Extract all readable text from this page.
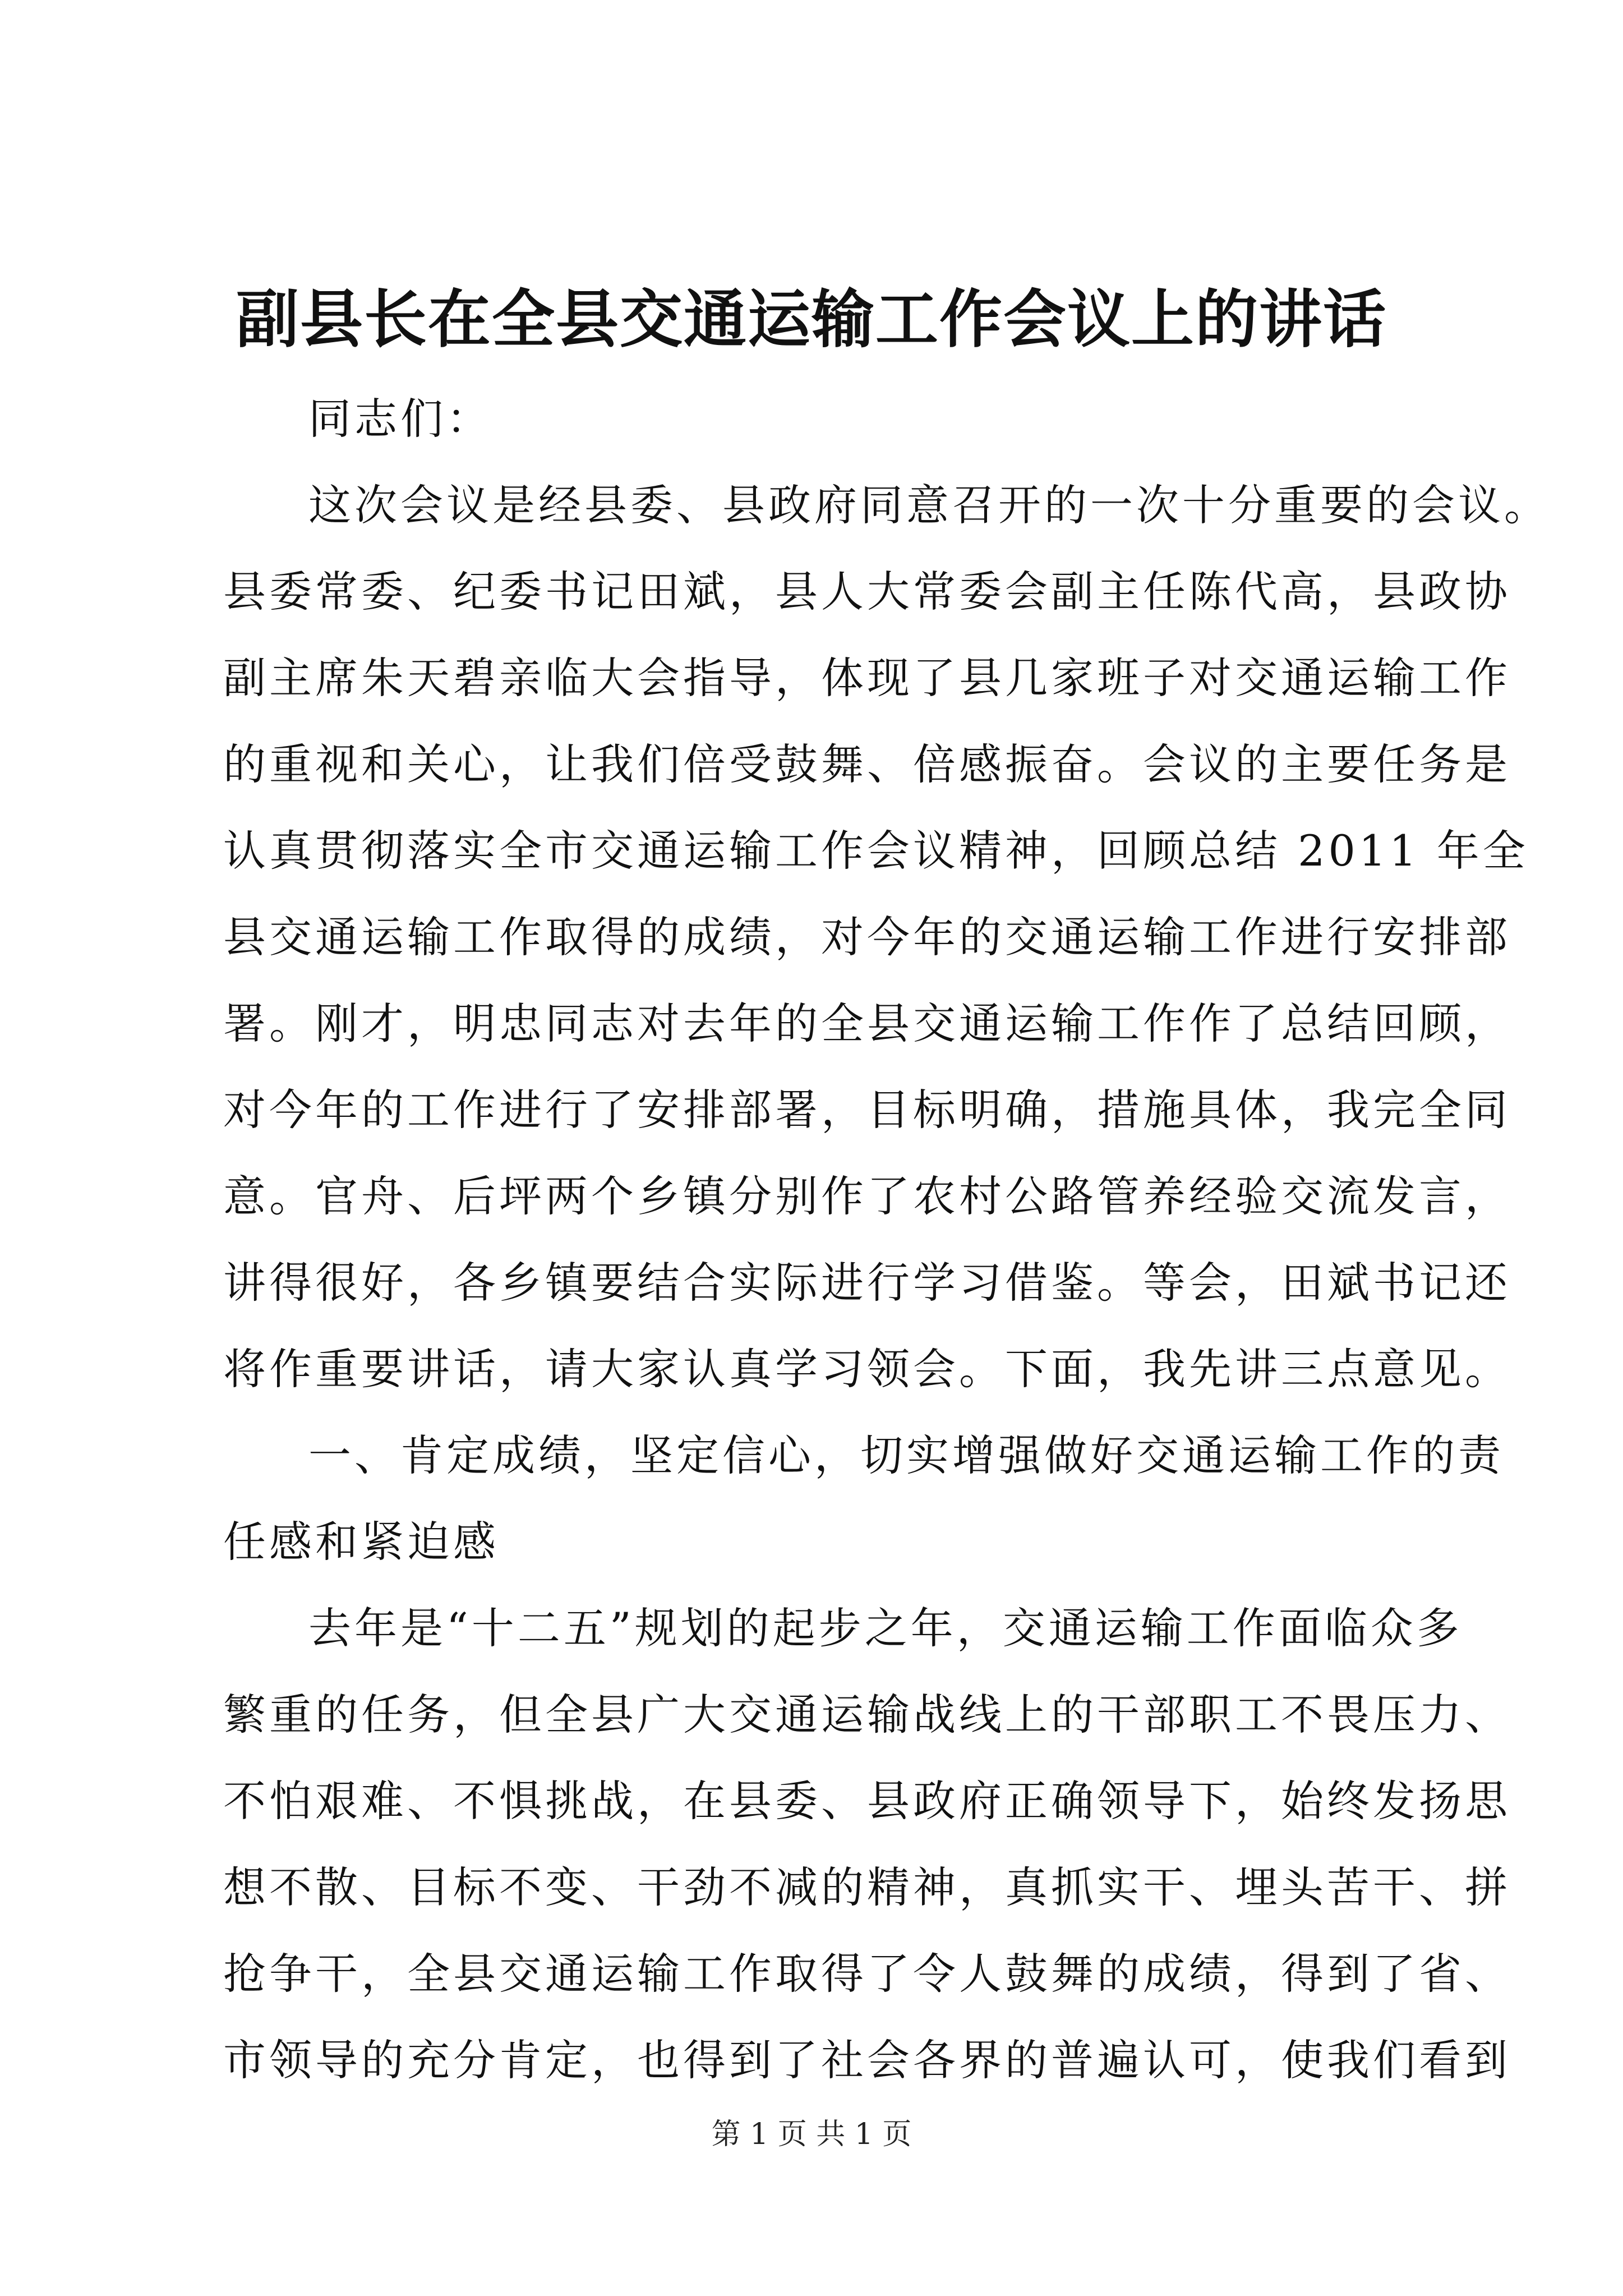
副县长在全县交通运输工作会议上的讲话
同志们：
这次会议是经县委、县政府同意召开的一次十分重要的会议。
县委常委、纪委书记田斌，县人大常委会副主任陈代高，县政协
副主席朱天碧亲临大会指导，体现了县几家班子对交通运输工作
的重视和关心，让我们倍受鼓舞、倍感振奋。会议的主要任务是
认真贯彻落实全市交通运输工作会议精神，回顾总结 2011 年全
县交通运输工作取得的成绩，对今年的交通运输工作进行安排部
署。刚才，明忠同志对去年的全县交通运输工作作了总结回顾，
对今年的工作进行了安排部署，目标明确，措施具体，我完全同
意。官舟、后坪两个乡镇分别作了农村公路管养经验交流发言，
讲得很好，各乡镇要结合实际进行学习借鉴。等会，田斌书记还
将作重要讲话，请大家认真学习领会。下面，我先讲三点意见。
一、肯定成绩，坚定信心，切实增强做好交通运输工作的责
任感和紧迫感
去年是“十二五”规划的起步之年，交通运输工作面临众多
繁重的任务，但全县广大交通运输战线上的干部职工不畏压力、
不怕艰难、不惧挑战，在县委、县政府正确领导下，始终发扬思
想不散、目标不变、干劲不减的精神，真抓实干、埋头苦干、拼
抢争干，全县交通运输工作取得了令人鼓舞的成绩，得到了省、
市领导的充分肯定，也得到了社会各界的普遍认可，使我们看到
第 1 页 共 1 页
